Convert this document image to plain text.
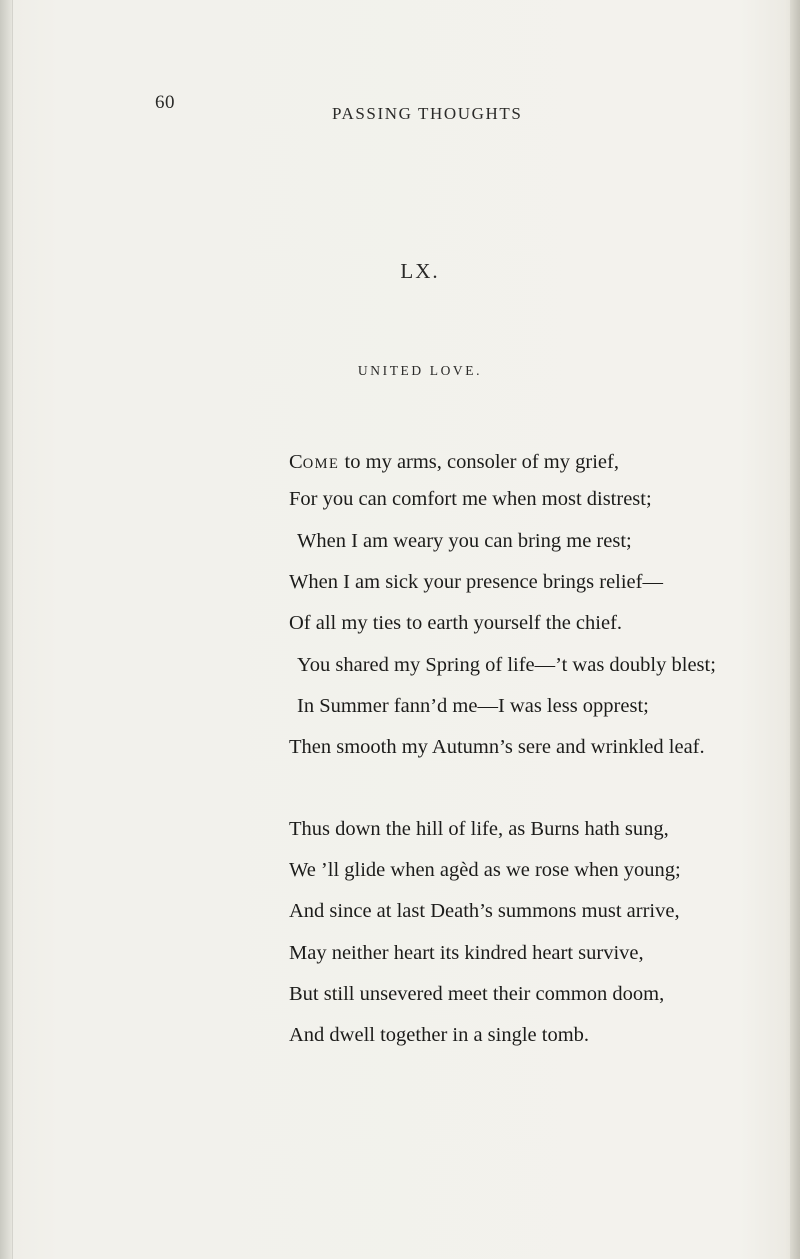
60
PASSING THOUGHTS
LX.
UNITED LOVE.
COME to my arms, consoler of my grief,
For you can comfort me when most distrest;
When I am weary you can bring me rest;
When I am sick your presence brings relief—
Of all my ties to earth yourself the chief.
You shared my Spring of life—’t was doubly blest;
In Summer fann’d me—I was less opprest;
Then smooth my Autumn’s sere and wrinkled leaf.
Thus down the hill of life, as Burns hath sung,
We ’ll glide when agèd as we rose when young;
And since at last Death’s summons must arrive,
May neither heart its kindred heart survive,
But still unsevered meet their common doom,
And dwell together in a single tomb.
